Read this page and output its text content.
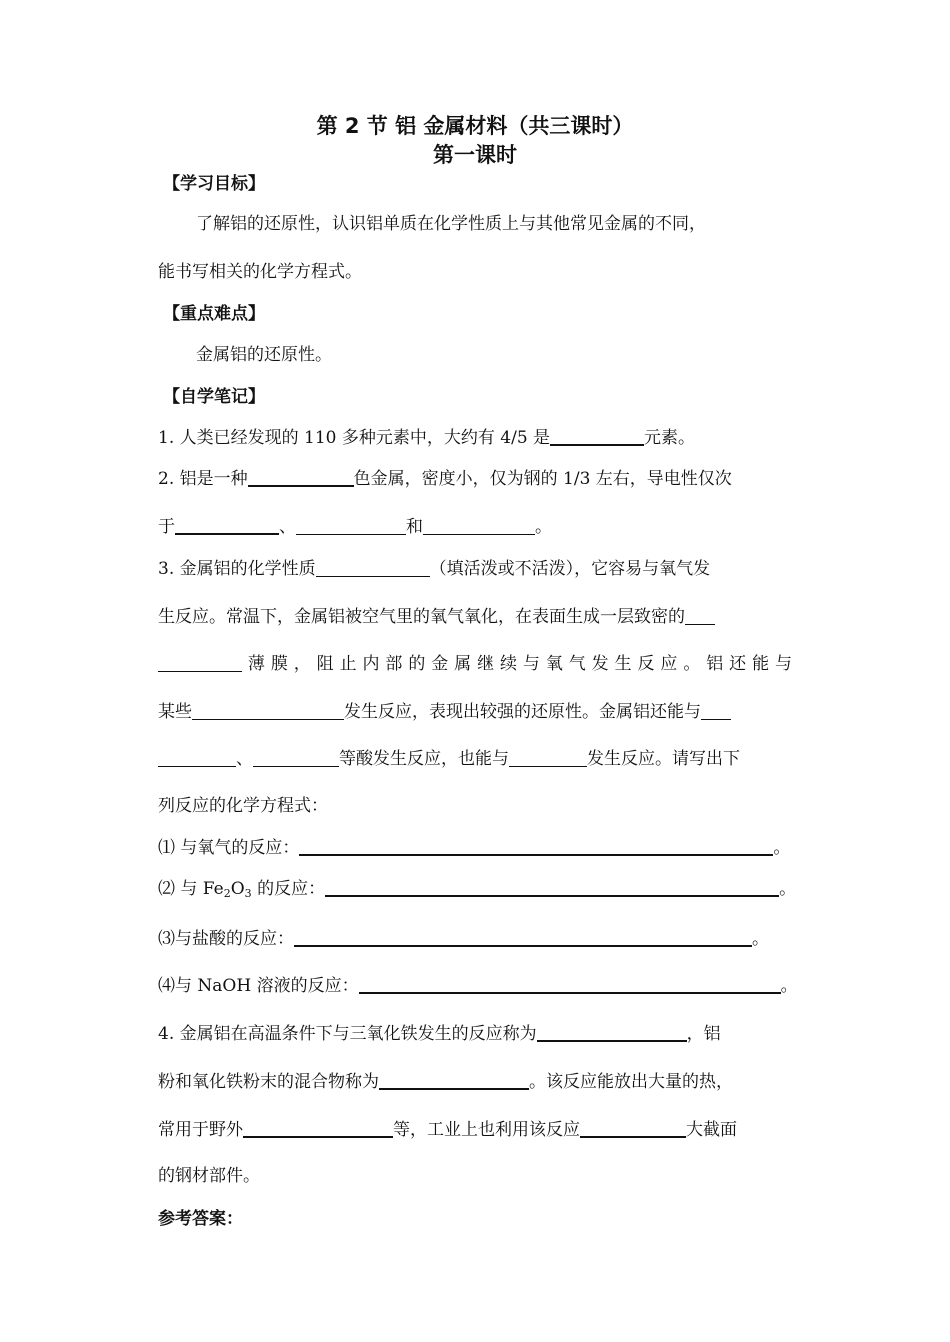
第 2 节 铝 金属材料（共三课时）
第一课时
【学习目标】
了解铝的还原性，认识铝单质在化学性质上与其他常见金属的不同，
能书写相关的化学方程式。
【重点难点】
金属铝的还原性。
【自学笔记】
1. 人类已经发现的 110 多种元素中，大约有 4/5 是	元素。
2. 铝是一种	色金属，密度小，仅为钢的 1/3 左右，导电性仅次
于	、	和	。
3. 金属铝的化学性质	（填活泼或不活泼），它容易与氧气发
生反应。常温下，金属铝被空气里的氧气氧化，在表面生成一层致密的
薄膜，阻止内部的金属继续与氧气发生反应。铝还能与
某些	发生反应，表现出较强的还原性。金属铝还能与
、	等酸发生反应，也能与	发生反应。请写出下
列反应的化学方程式：
⑴ 与氧气的反应：	。
⑵ 与 $Fe_2O_3$ 的反应：	。
⑶与盐酸的反应：	。
⑷与 NaOH 溶液的反应：	。
4. 金属铝在高温条件下与三氧化铁发生的反应称为	，铝
粉和氧化铁粉末的混合物称为	。该反应能放出大量的热，
常用于野外	等，工业上也利用该反应	大截面
的钢材部件。
参考答案：
